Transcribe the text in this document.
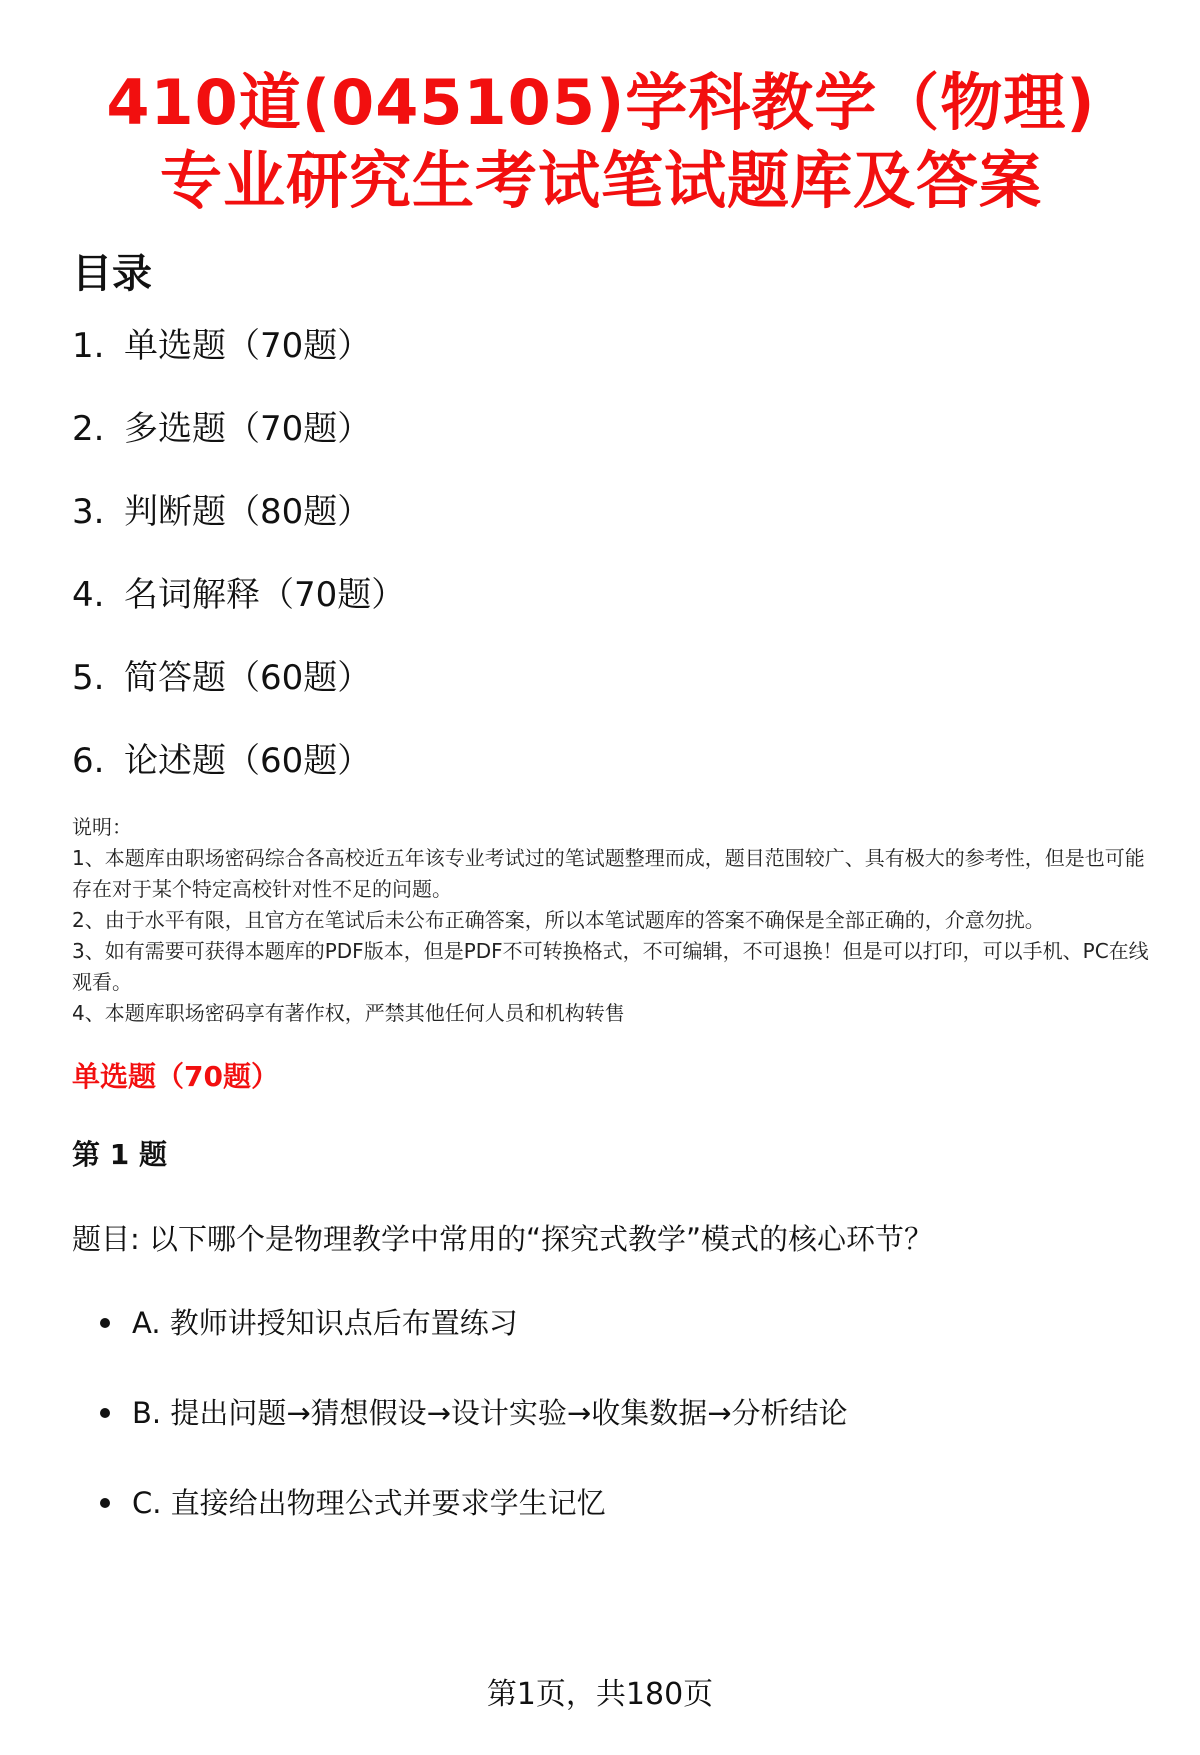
410道(045105)学科教学（物理)
专业研究生考试笔试题库及答案
目录
1. 单选题（70题）
2. 多选题（70题）
3. 判断题（80题）
4. 名词解释（70题）
5. 简答题（60题）
6. 论述题（60题）

说明：

1、本题库由职场密码综合各高校近五年该专业考试过的笔试题整理而成，题目范围较广、具有极大的参考性，但是也可能存在对于某个特定高校针对性不足的问题。

2、由于水平有限，且官方在笔试后未公布正确答案，所以本笔试题库的答案不确保是全部正确的，介意勿扰。

3、如有需要可获得本题库的PDF版本，但是PDF不可转换格式，不可编辑，不可退换！但是可以打印，可以手机、PC在线观看。

4、本题库职场密码享有著作权，严禁其他任何人员和机构转售

单选题（70题）
第 1 题

题目: 以下哪个是物理教学中常用的“探究式教学”模式的核心环节？

A. 教师讲授知识点后布置练习
B. 提出问题→猜想假设→设计实验→收集数据→分析结论
C. 直接给出物理公式并要求学生记忆
第1页，共180页
